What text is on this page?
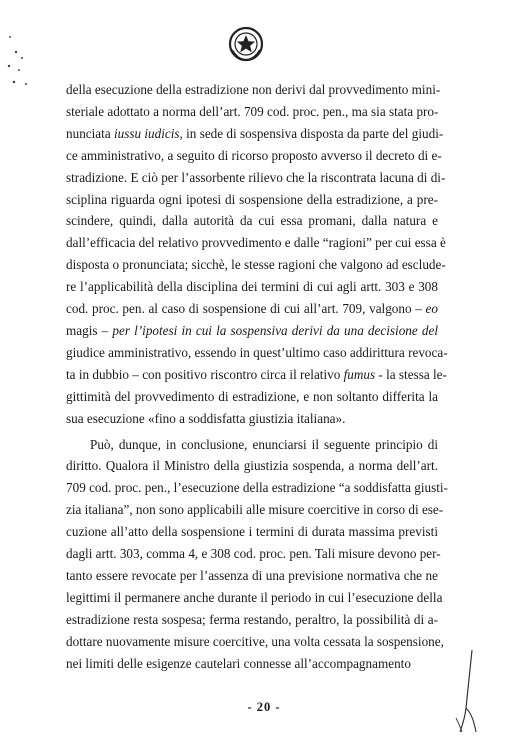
della esecuzione della estradizione non derivi dal provvedimento mini-
steriale adottato a norma dell’art. 709 cod. proc. pen., ma sia stata pro-
nunciata iussu iudicis, in sede di sospensiva disposta da parte del giudi-
ce amministrativo, a seguito di ricorso proposto avverso il decreto di e-
stradizione. E ciò per l’assorbente rilievo che la riscontrata lacuna di di-
sciplina riguarda ogni ipotesi di sospensione della estradizione, a pre-
scindere, quindi, dalla autorità da cui essa promani, dalla natura e
dall’efficacia del relativo provvedimento e dalle “ragioni” per cui essa è
disposta o pronunciata; sicchè, le stesse ragioni che valgono ad esclude-
re l’applicabilità della disciplina dei termini di cui agli artt. 303 e 308
cod. proc. pen. al caso di sospensione di cui all’art. 709, valgono – eo
magis – per l’ipotesi in cui la sospensiva derivi da una decisione del
giudice amministrativo, essendo in quest’ultimo caso addirittura revoca-
ta in dubbio – con positivo riscontro circa il relativo fumus - la stessa le-
gittimità del provvedimento di estradizione, e non soltanto differita la
sua esecuzione «fino a soddisfatta giustizia italiana».
Può, dunque, in conclusione, enunciarsi il seguente principio di
diritto. Qualora il Ministro della giustizia sospenda, a norma dell’art.
709 cod. proc. pen., l’esecuzione della estradizione “a soddisfatta giusti-
zia italiana”, non sono applicabili alle misure coercitive in corso di ese-
cuzione all’atto della sospensione i termini di durata massima previsti
dagli artt. 303, comma 4, e 308 cod. proc. pen. Tali misure devono per-
tanto essere revocate per l’assenza di una previsione normativa che ne
legittimi il permanere anche durante il periodo in cui l’esecuzione della
estradizione resta sospesa; ferma restando, peraltro, la possibilità di a-
dottare nuovamente misure coercitive, una volta cessata la sospensione,
nei limiti delle esigenze cautelari connesse all’accompagnamento
- 20 -
